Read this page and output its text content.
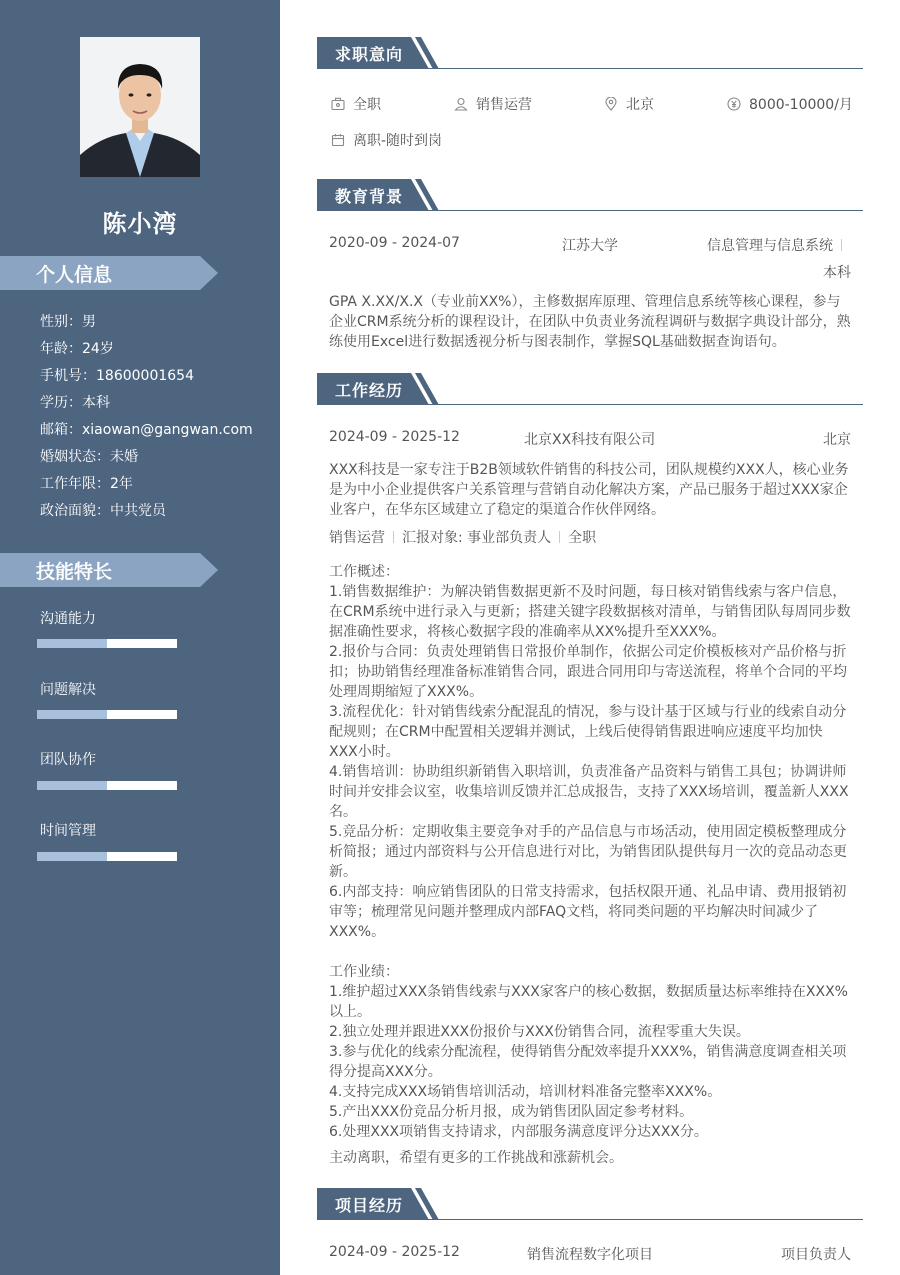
陈小湾
个人信息
性别：男
年龄：24岁
手机号：18600001654
学历：本科
邮箱：xiaowan@gangwan.com
婚姻状态：未婚
工作年限：2年
政治面貌：中共党员
技能特长
沟通能力
问题解决
团队协作
时间管理
求职意向
全职	销售运营	北京	8000-10000/月
离职-随时到岗
教育背景
2020-09 - 2024-07	江苏大学	信息管理与信息系统
本科
GPA X.XX/X.X（专业前XX%），主修数据库原理、管理信息系统等核心课程，参与企业CRM系统分析的课程设计，在团队中负责业务流程调研与数据字典设计部分，熟练使用Excel进行数据透视分析与图表制作，掌握SQL基础数据查询语句。
工作经历
2024-09 - 2025-12	北京XX科技有限公司	北京
XXX科技是一家专注于B2B领域软件销售的科技公司，团队规模约XXX人，核心业务是为中小企业提供客户关系管理与营销自动化解决方案，产品已服务于超过XXX家企业客户，在华东区域建立了稳定的渠道合作伙伴网络。
销售运营 汇报对象: 事业部负责人 全职
工作概述：
1.销售数据维护：为解决销售数据更新不及时问题，每日核对销售线索与客户信息，在CRM系统中进行录入与更新；搭建关键字段数据核对清单，与销售团队每周同步数据准确性要求，将核心数据字段的准确率从XX%提升至XXX%。
2.报价与合同：负责处理销售日常报价单制作，依据公司定价模板核对产品价格与折扣；协助销售经理准备标准销售合同，跟进合同用印与寄送流程，将单个合同的平均处理周期缩短了XXX%。
3.流程优化：针对销售线索分配混乱的情况，参与设计基于区域与行业的线索自动分配规则；在CRM中配置相关逻辑并测试，上线后使得销售跟进响应速度平均加快XXX小时。
4.销售培训：协助组织新销售入职培训，负责准备产品资料与销售工具包；协调讲师时间并安排会议室，收集培训反馈并汇总成报告，支持了XXX场培训，覆盖新人XXX名。
5.竞品分析：定期收集主要竞争对手的产品信息与市场活动，使用固定模板整理成分析简报；通过内部资料与公开信息进行对比，为销售团队提供每月一次的竞品动态更新。
6.内部支持：响应销售团队的日常支持需求，包括权限开通、礼品申请、费用报销初审等；梳理常见问题并整理成内部FAQ文档，将同类问题的平均解决时间减少了XXX%。
工作业绩：
1.维护超过XXX条销售线索与XXX家客户的核心数据，数据质量达标率维持在XXX%以上。
2.独立处理并跟进XXX份报价与XXX份销售合同，流程零重大失误。
3.参与优化的线索分配流程，使得销售分配效率提升XXX%，销售满意度调查相关项得分提高XXX分。
4.支持完成XXX场销售培训活动，培训材料准备完整率XXX%。
5.产出XXX份竞品分析月报，成为销售团队固定参考材料。
6.处理XXX项销售支持请求，内部服务满意度评分达XXX分。
主动离职，希望有更多的工作挑战和涨薪机会。
项目经历
2024-09 - 2025-12	销售流程数字化项目	项目负责人
